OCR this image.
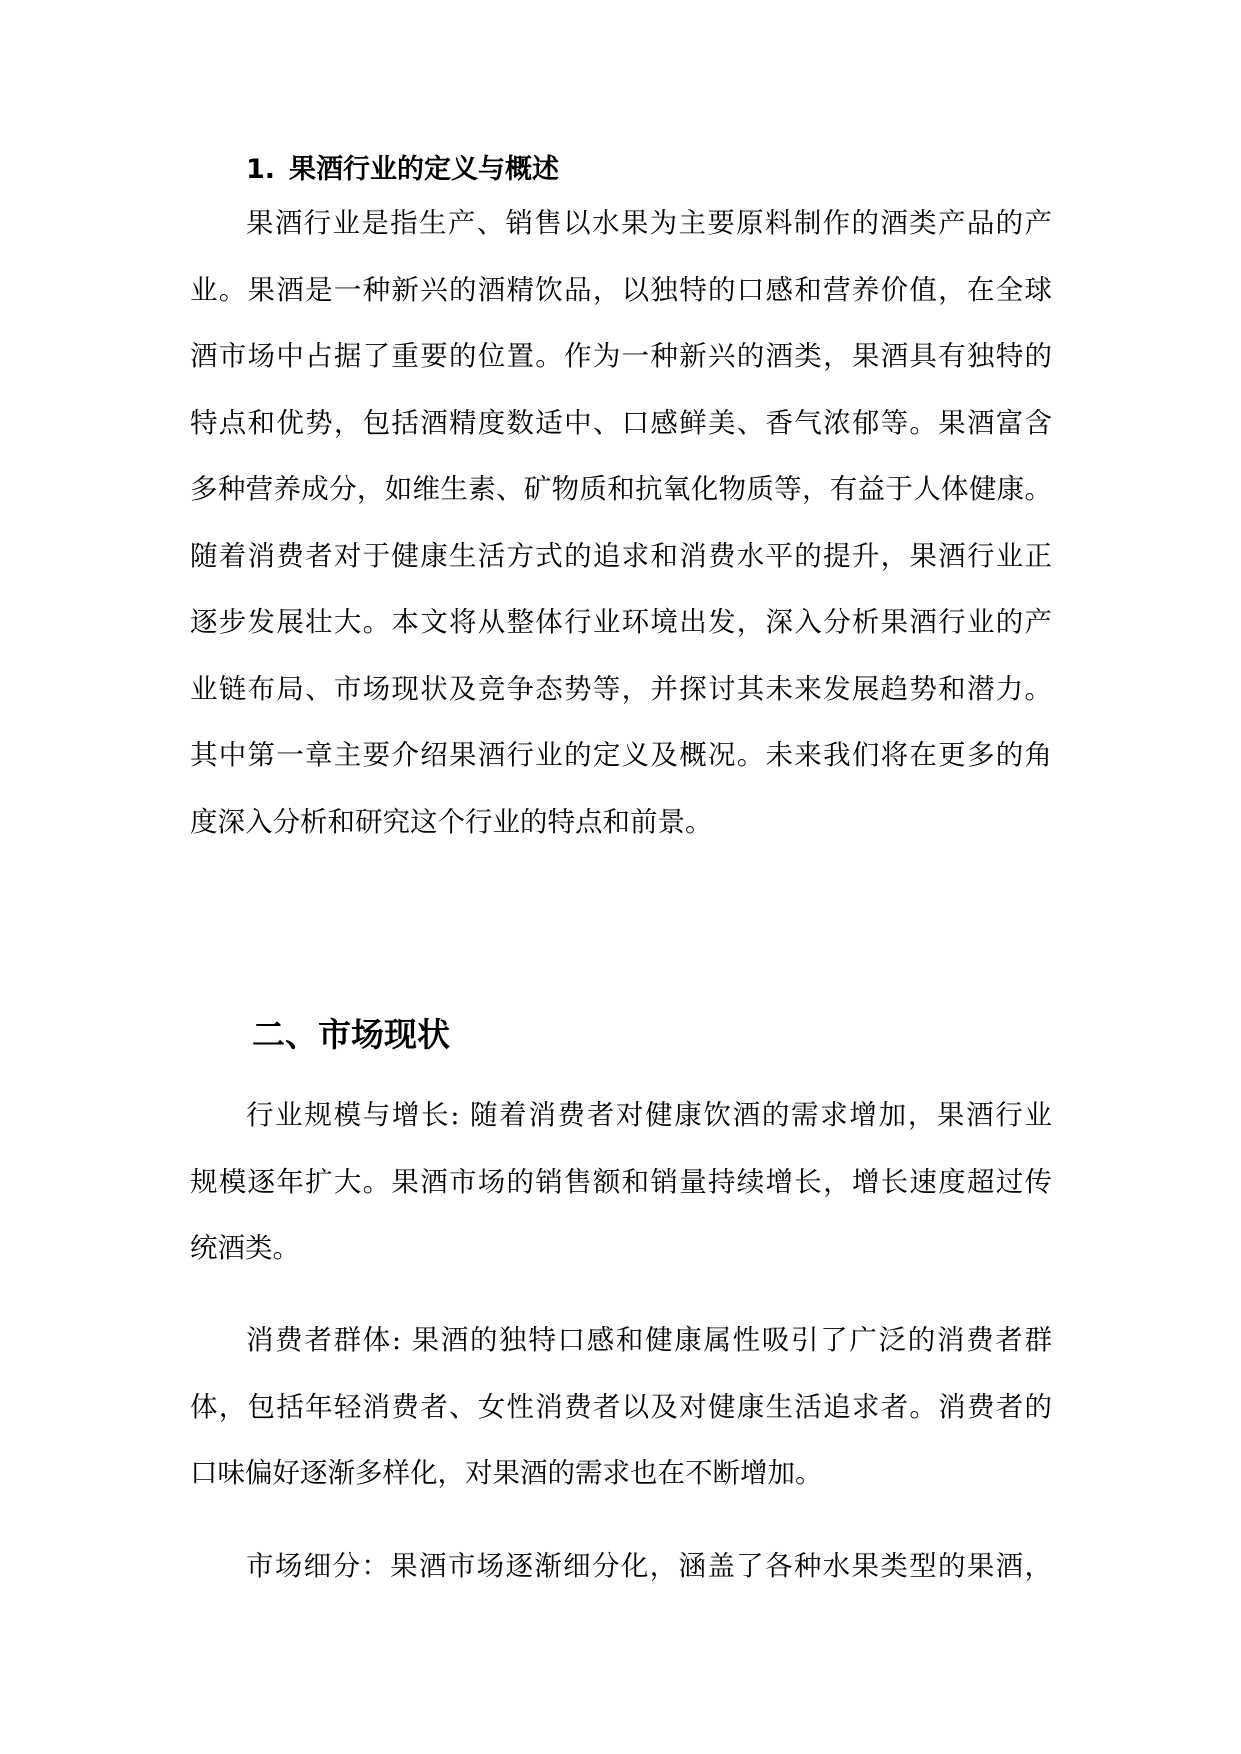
1. 果酒行业的定义与概述
果酒行业是指生产、销售以水果为主要原料制作的酒类产品的产
业。果酒是一种新兴的酒精饮品，以独特的口感和营养价值，在全球
酒市场中占据了重要的位置。作为一种新兴的酒类，果酒具有独特的
特点和优势，包括酒精度数适中、口感鲜美、香气浓郁等。果酒富含
多种营养成分，如维生素、矿物质和抗氧化物质等，有益于人体健康。
随着消费者对于健康生活方式的追求和消费水平的提升，果酒行业正
逐步发展壮大。本文将从整体行业环境出发，深入分析果酒行业的产
业链布局、市场现状及竞争态势等，并探讨其未来发展趋势和潜力。
其中第一章主要介绍果酒行业的定义及概况。未来我们将在更多的角
度深入分析和研究这个行业的特点和前景。
二、市场现状
行业规模与增长: 随着消费者对健康饮酒的需求增加，果酒行业
规模逐年扩大。果酒市场的销售额和销量持续增长，增长速度超过传
统酒类。
消费者群体: 果酒的独特口感和健康属性吸引了广泛的消费者群
体，包括年轻消费者、女性消费者以及对健康生活追求者。消费者的
口味偏好逐渐多样化，对果酒的需求也在不断增加。
市场细分：果酒市场逐渐细分化，涵盖了各种水果类型的果酒，
